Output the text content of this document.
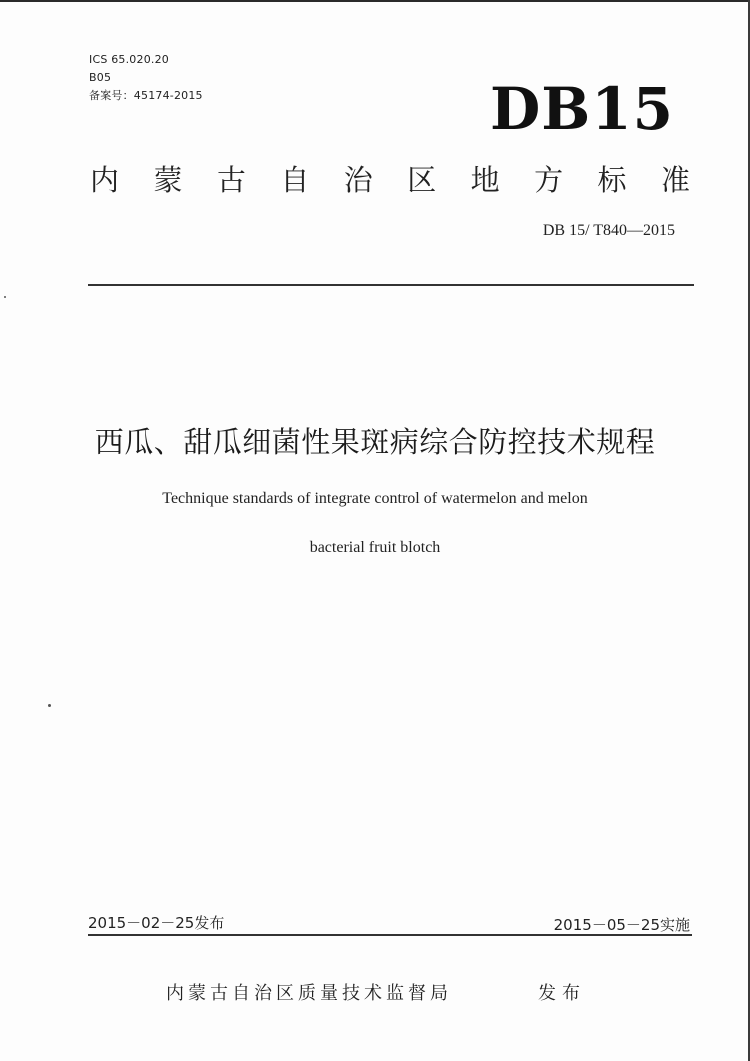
ICS 65.020.20
B05
备案号：45174-2015	DB15
内 蒙 古 自 治 区 地 方 标 准
DB 15/ T840—2015
西瓜、甜瓜细菌性果斑病综合防控技术规程
Technique standards of integrate control of watermelon and melon
bacterial fruit blotch
2015－02－25发布	2015－05－25实施
内蒙古自治区质量技术监督局	发布
